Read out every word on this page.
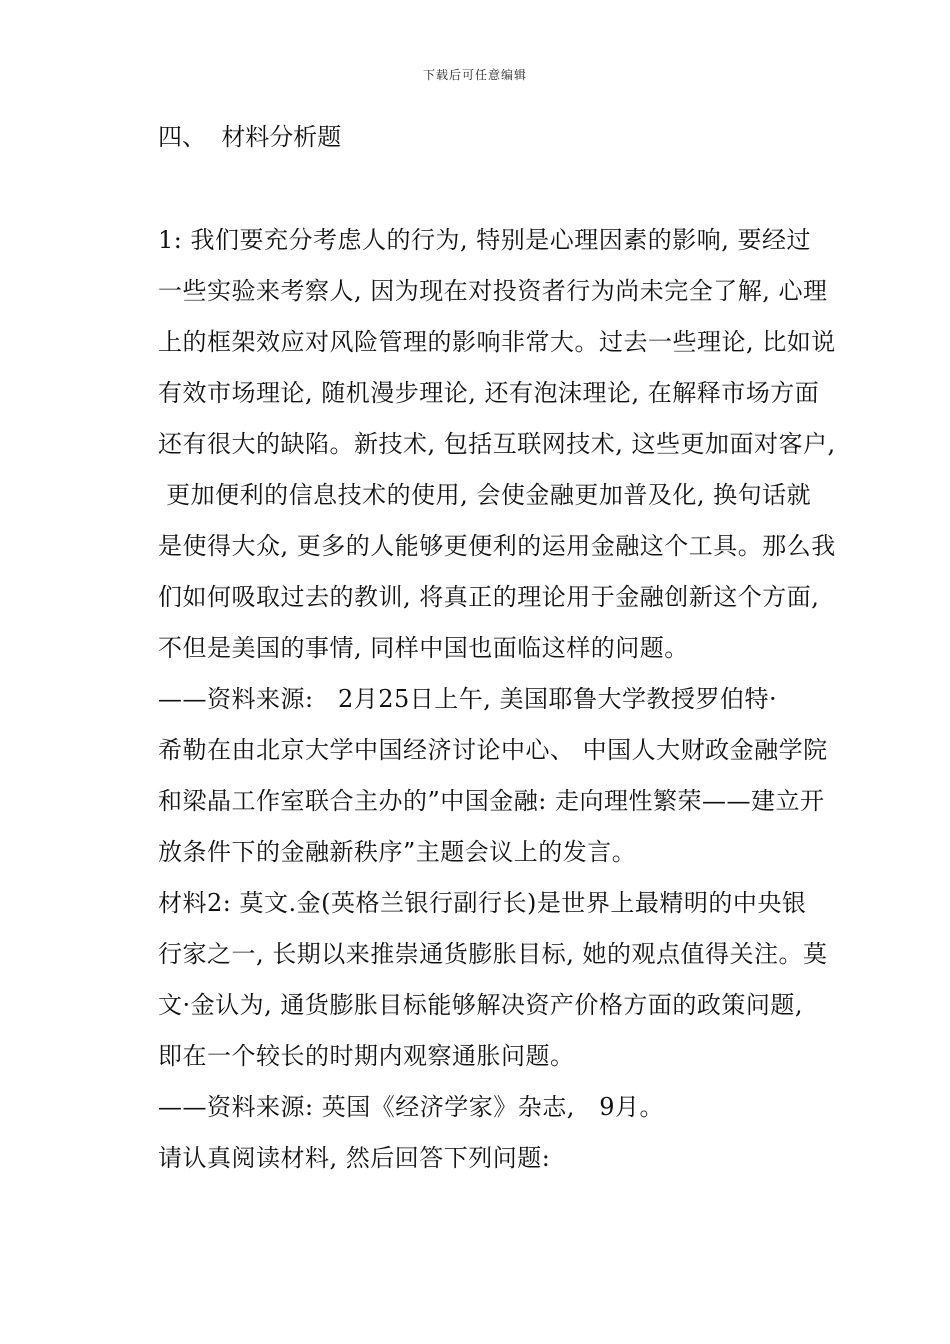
下载后可任意编辑
四、  材料分析题
1: 我们要充分考虑人的行为, 特别是心理因素的影响, 要经过
一些实验来考察人, 因为现在对投资者行为尚未完全了解, 心理
上的框架效应对风险管理的影响非常大。过去一些理论, 比如说
有效市场理论, 随机漫步理论, 还有泡沫理论, 在解释市场方面
还有很大的缺陷。新技术, 包括互联网技术, 这些更加面对客户,
更加便利的信息技术的使用, 会使金融更加普及化, 换句话就
是使得大众, 更多的人能够更便利的运用金融这个工具。那么我
们如何吸取过去的教训, 将真正的理论用于金融创新这个方面,
不但是美国的事情, 同样中国也面临这样的问题。
——资料来源:   2月25日上午, 美国耶鲁大学教授罗伯特·
希勒在由北京大学中国经济讨论中心、 中国人大财政金融学院
和梁晶工作室联合主办的”中国金融: 走向理性繁荣——建立开
放条件下的金融新秩序”主题会议上的发言。
材料2: 莫文.金(英格兰银行副行长)是世界上最精明的中央银
行家之一, 长期以来推崇通货膨胀目标, 她的观点值得关注。莫
文·金认为, 通货膨胀目标能够解决资产价格方面的政策问题,
即在一个较长的时期内观察通胀问题。
——资料来源: 英国《经济学家》杂志,   9月。
请认真阅读材料, 然后回答下列问题:
